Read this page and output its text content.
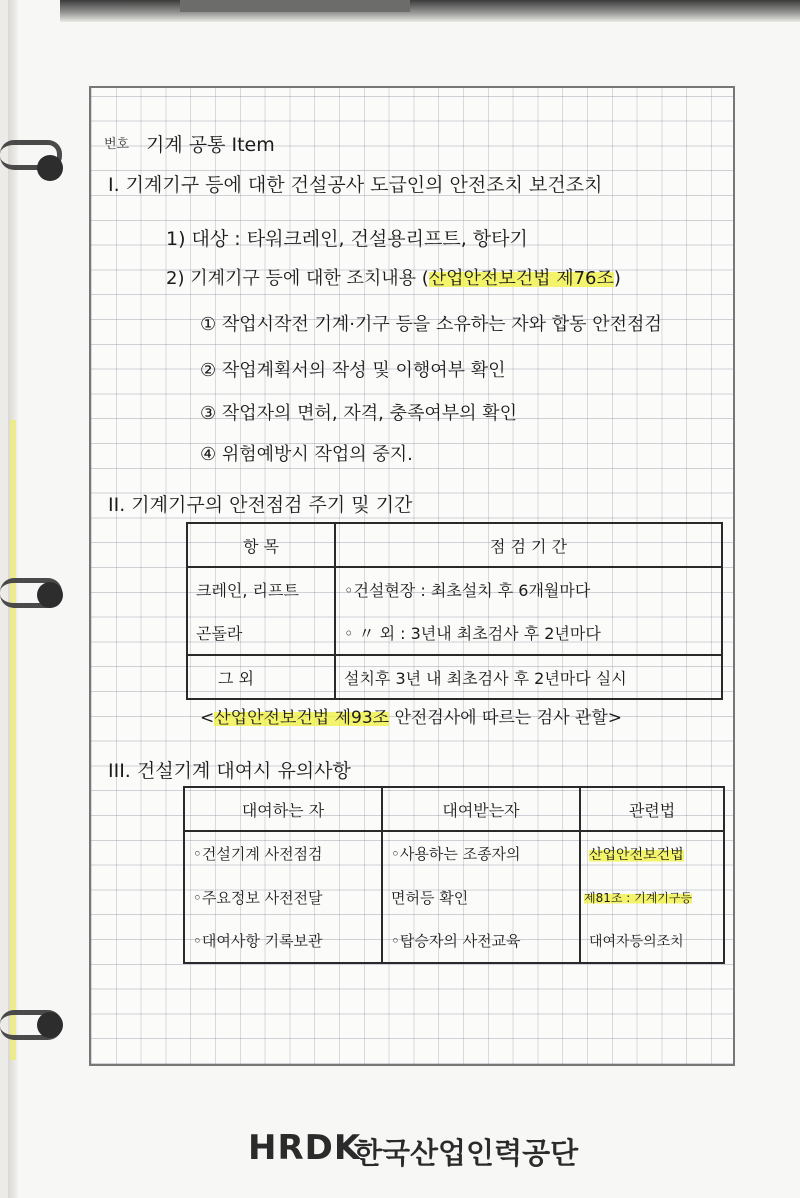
번호 기계 공통 Item
I. 기계기구 등에 대한 건설공사 도급인의 안전조치 보건조치
1) 대상 : 타워크레인, 건설용리프트, 항타기
2) 기계기구 등에 대한 조치내용 (산업안전보건법 제76조)
① 작업시작전 기계·기구 등을 소유하는 자와 합동 안전점검
② 작업계획서의 작성 및 이행여부 확인
③ 작업자의 면허, 자격, 충족여부의 확인
④ 위험예방시 작업의 중지.
II. 기계기구의 안전점검 주기 및 기간
항 목	점 검 기 간
크레인, 리프트	◦건설현장 : 최초설치 후 6개월마다
곤돌라	◦ 〃 외 : 3년내 최초검사 후 2년마다
그 외	설치후 3년 내 최초검사 후 2년마다 실시
<산업안전보건법 제93조 안전검사에 따르는 검사 관할>
III. 건설기계 대여시 유의사항
대여하는 자	대여받는자	관련법
◦건설기계 사전점검	◦사용하는 조종자의	산업안전보건법
◦주요정보 사전전달	면허등 확인	제81조 : 기계기구등
◦대여사항 기록보관	◦탑승자의 사전교육	대여자등의조치
HRDK
한국산업인력공단
